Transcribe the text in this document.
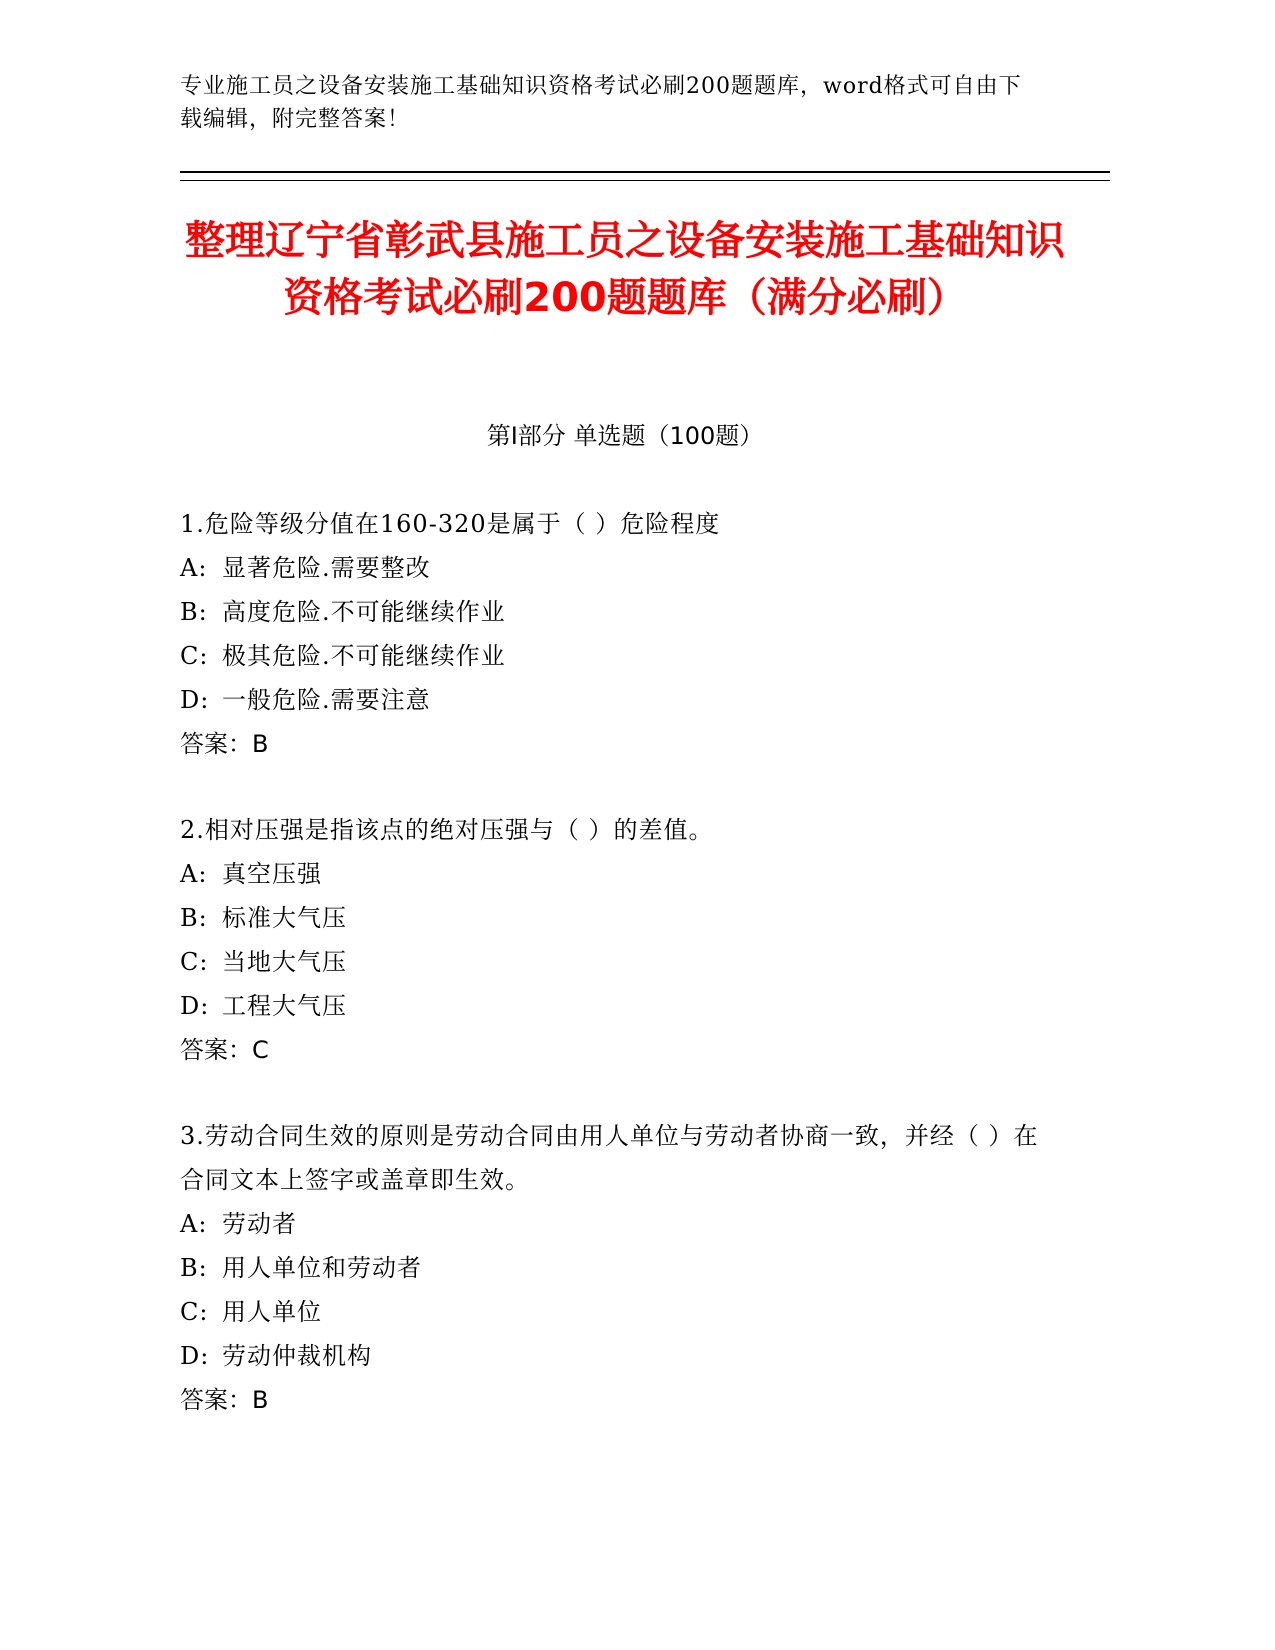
专业施工员之设备安装施工基础知识资格考试必刷200题题库，word格式可自由下载编辑，附完整答案！
整理辽宁省彰武县施工员之设备安装施工基础知识资格考试必刷200题题库（满分必刷）
第I部分 单选题（100题）
1.危险等级分值在160-320是属于（ ）危险程度
A: 显著危险.需要整改
B: 高度危险.不可能继续作业
C: 极其危险.不可能继续作业
D: 一般危险.需要注意
答案：B
2.相对压强是指该点的绝对压强与（ ）的差值。
A: 真空压强
B: 标准大气压
C: 当地大气压
D: 工程大气压
答案：C
3.劳动合同生效的原则是劳动合同由用人单位与劳动者协商一致，并经（ ）在合同文本上签字或盖章即生效。
A: 劳动者
B: 用人单位和劳动者
C: 用人单位
D: 劳动仲裁机构
答案：B
